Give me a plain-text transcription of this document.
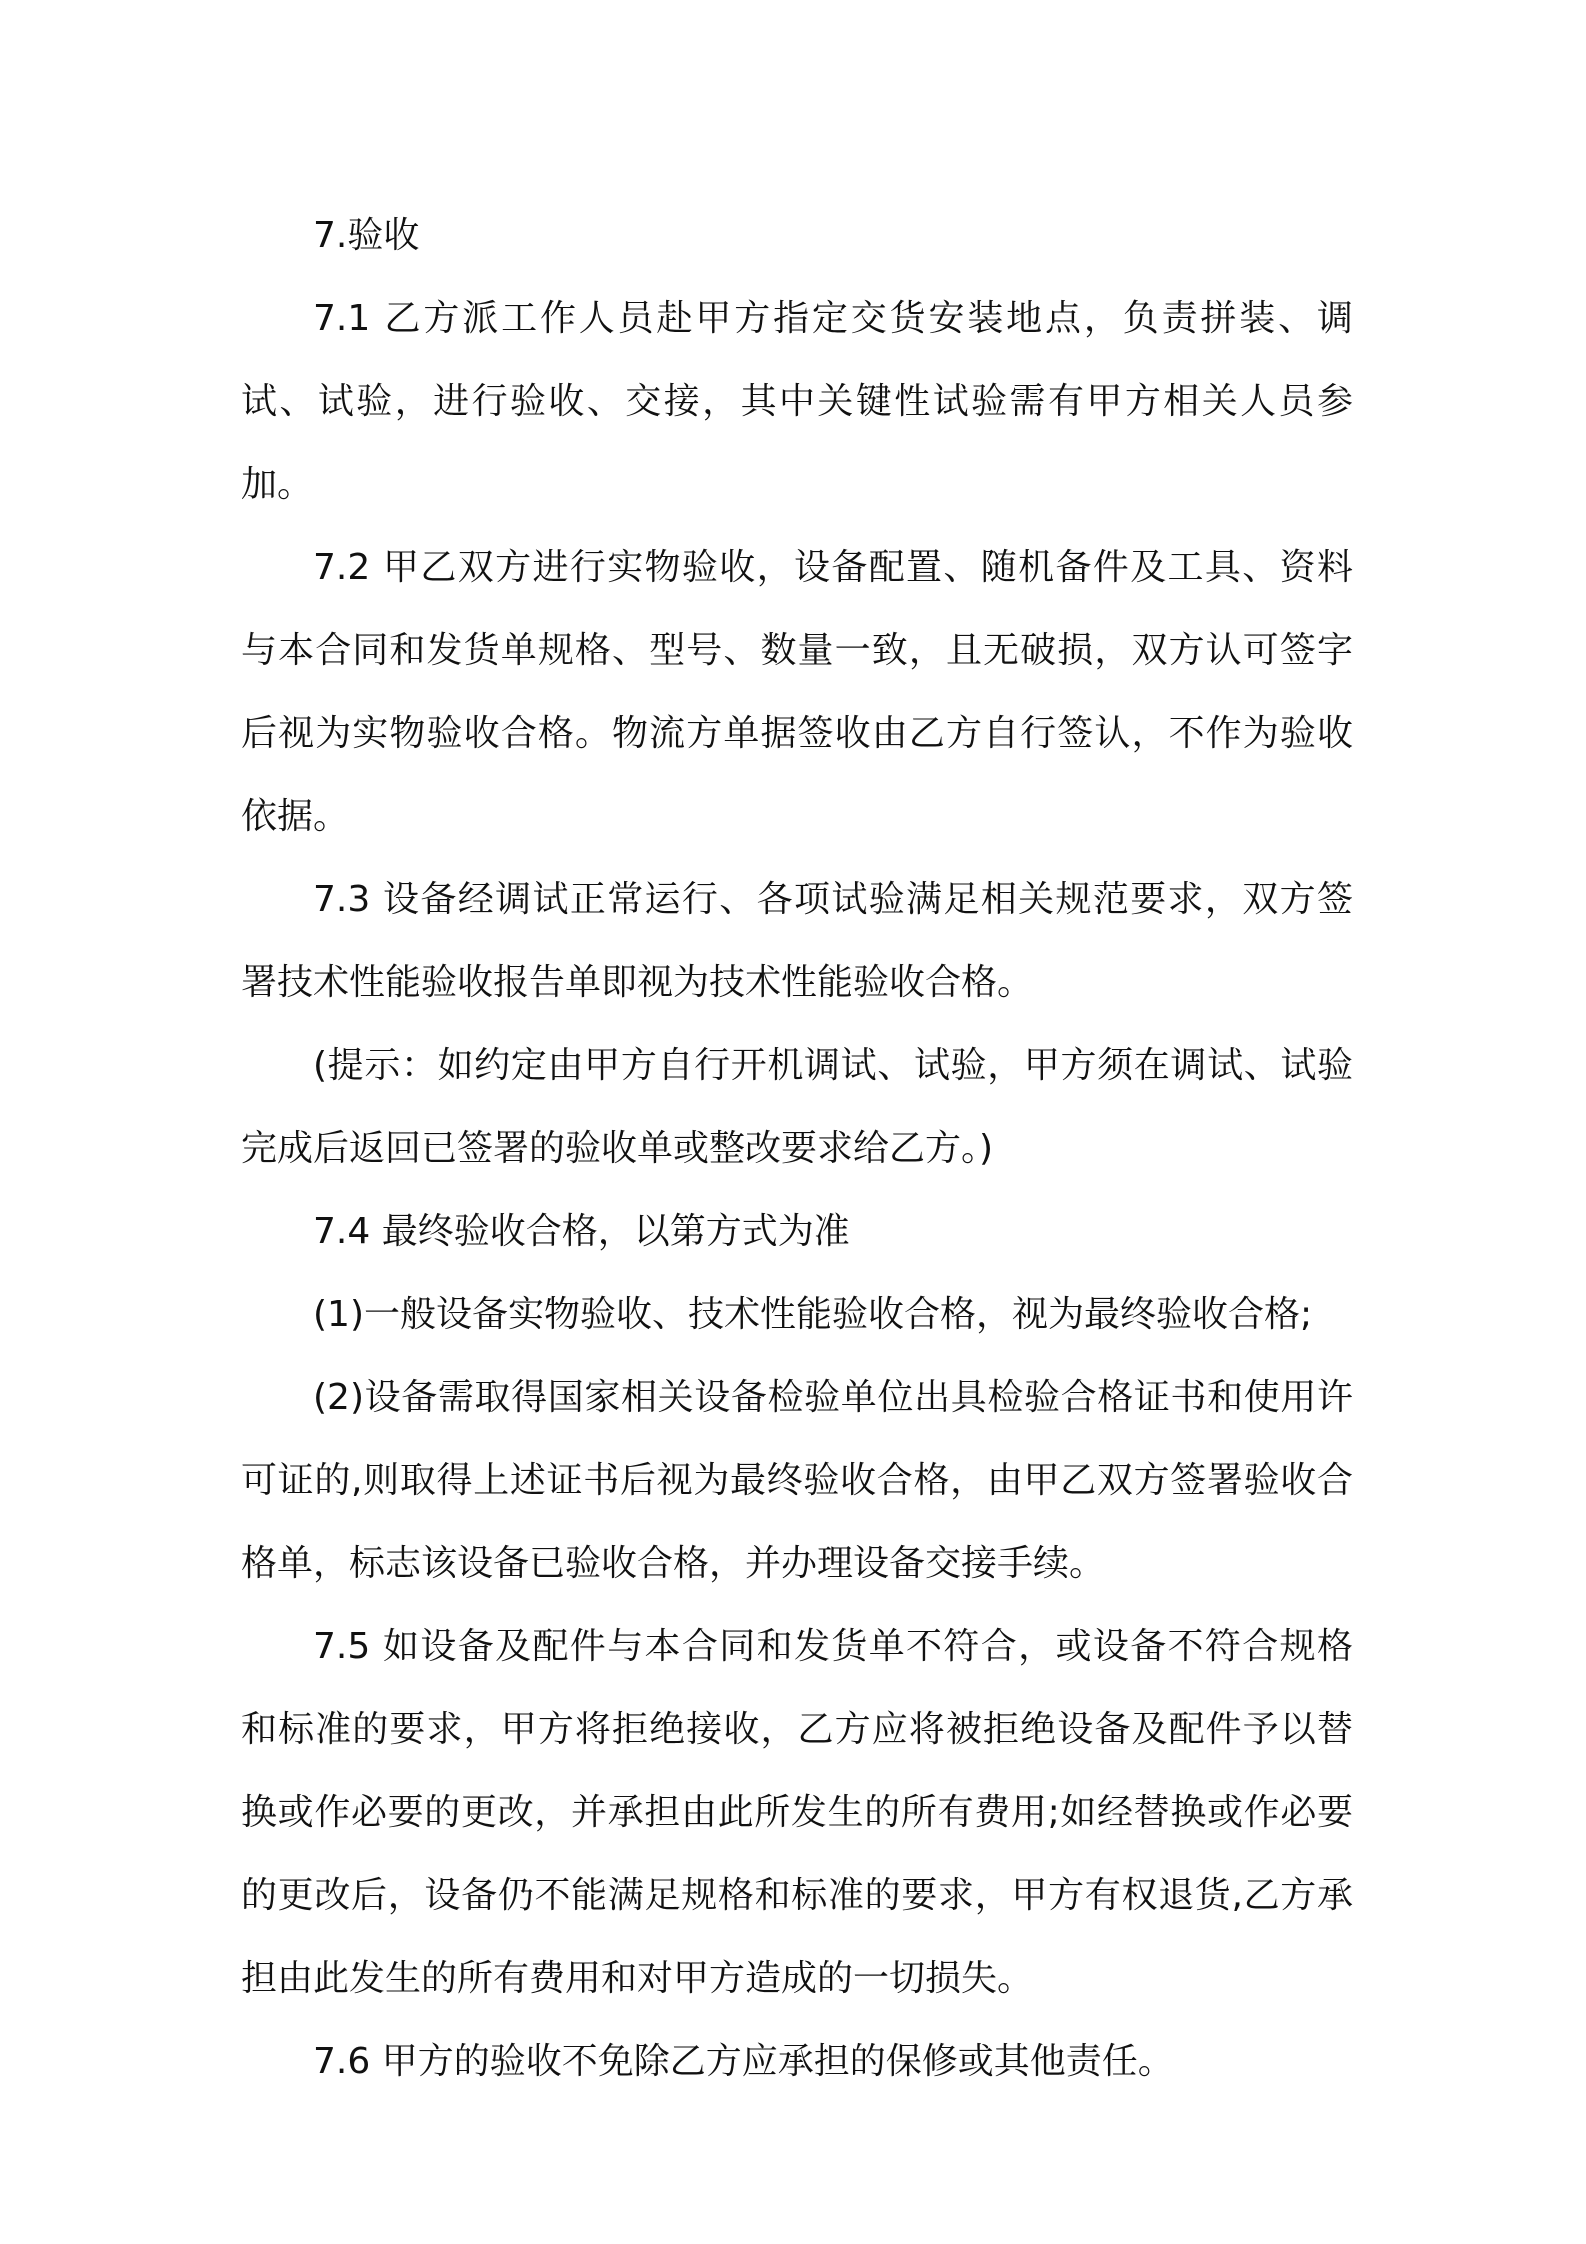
7.验收

7.1 乙方派工作人员赴甲方指定交货安装地点，负责拼装、调试、试验，进行验收、交接，其中关键性试验需有甲方相关人员参加。

7.2 甲乙双方进行实物验收，设备配置、随机备件及工具、资料与本合同和发货单规格、型号、数量一致，且无破损，双方认可签字后视为实物验收合格。物流方单据签收由乙方自行签认，不作为验收依据。

7.3 设备经调试正常运行、各项试验满足相关规范要求，双方签署技术性能验收报告单即视为技术性能验收合格。

(提示：如约定由甲方自行开机调试、试验，甲方须在调试、试验完成后返回已签署的验收单或整改要求给乙方。)

7.4 最终验收合格，以第方式为准

(1)一般设备实物验收、技术性能验收合格，视为最终验收合格;

(2)设备需取得国家相关设备检验单位出具检验合格证书和使用许可证的,则取得上述证书后视为最终验收合格，由甲乙双方签署验收合格单，标志该设备已验收合格，并办理设备交接手续。

7.5 如设备及配件与本合同和发货单不符合，或设备不符合规格和标准的要求，甲方将拒绝接收，乙方应将被拒绝设备及配件予以替换或作必要的更改，并承担由此所发生的所有费用;如经替换或作必要的更改后，设备仍不能满足规格和标准的要求，甲方有权退货,乙方承担由此发生的所有费用和对甲方造成的一切损失。

7.6 甲方的验收不免除乙方应承担的保修或其他责任。
